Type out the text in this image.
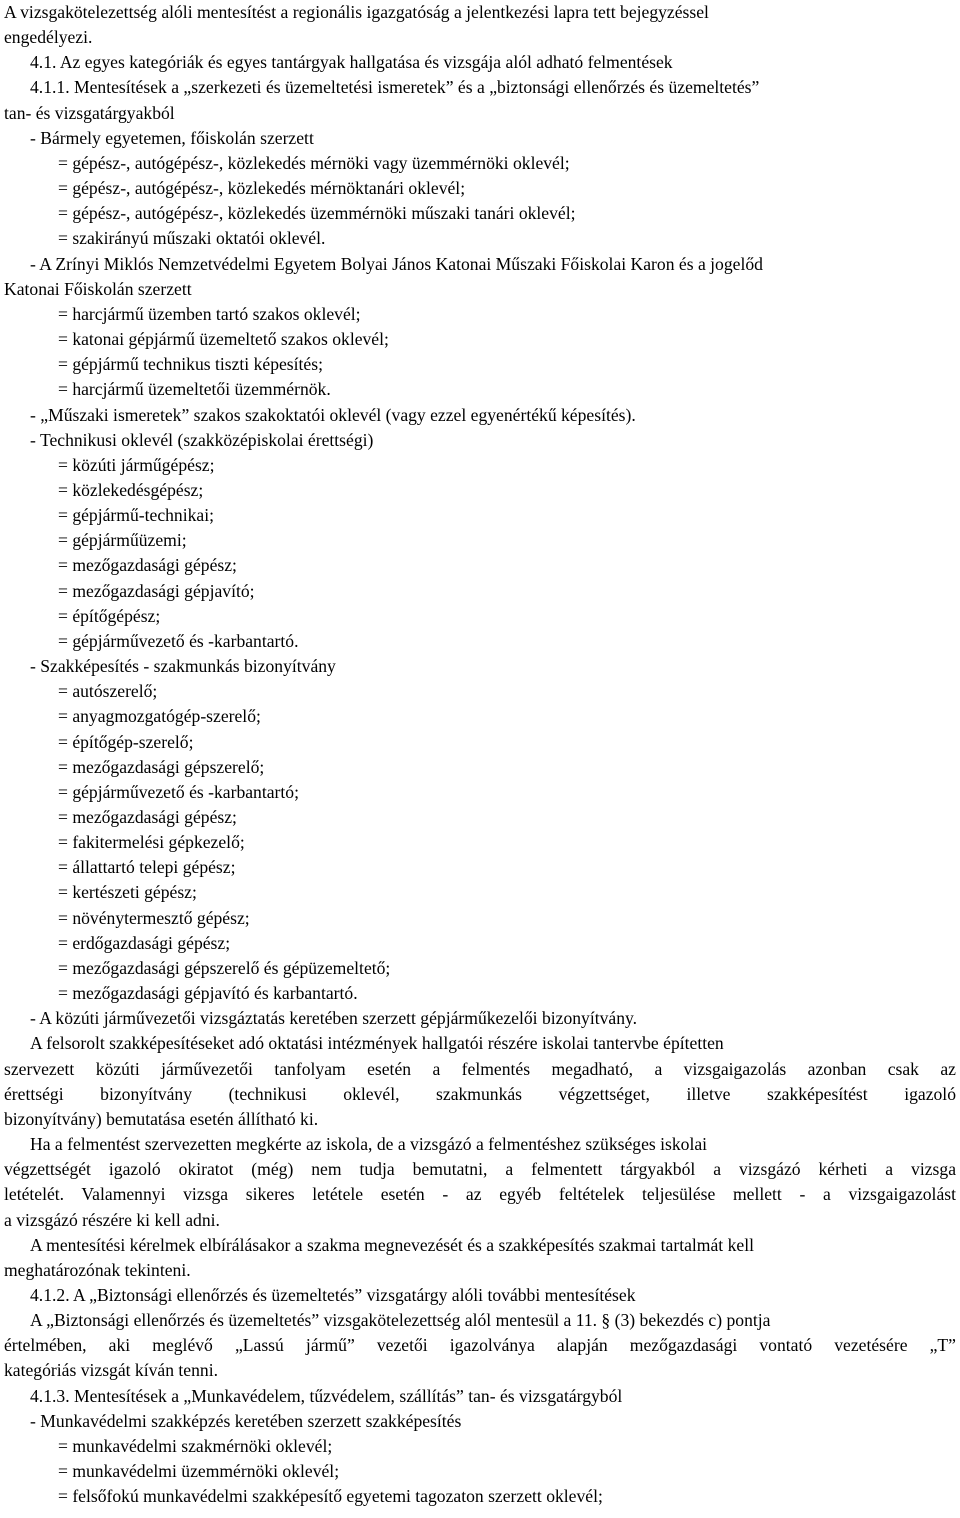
A vizsgakötelezettség alóli mentesítést a regionális igazgatóság a jelentkezési lapra tett bejegyzéssel
engedélyezi.
4.1. Az egyes kategóriák és egyes tantárgyak hallgatása és vizsgája alól adható felmentések
4.1.1. Mentesítések a „szerkezeti és üzemeltetési ismeretek” és a „biztonsági ellenőrzés és üzemeltetés”
tan- és vizsgatárgyakból
- Bármely egyetemen, főiskolán szerzett
= gépész-, autógépész-, közlekedés mérnöki vagy üzemmérnöki oklevél;
= gépész-, autógépész-, közlekedés mérnöktanári oklevél;
= gépész-, autógépész-, közlekedés üzemmérnöki műszaki tanári oklevél;
= szakirányú műszaki oktatói oklevél.
- A Zrínyi Miklós Nemzetvédelmi Egyetem Bolyai János Katonai Műszaki Főiskolai Karon és a jogelőd
Katonai Főiskolán szerzett
= harcjármű üzemben tartó szakos oklevél;
= katonai gépjármű üzemeltető szakos oklevél;
= gépjármű technikus tiszti képesítés;
= harcjármű üzemeltetői üzemmérnök.
- „Műszaki ismeretek” szakos szakoktatói oklevél (vagy ezzel egyenértékű képesítés).
- Technikusi oklevél (szakközépiskolai érettségi)
= közúti járműgépész;
= közlekedésgépész;
= gépjármű-technikai;
= gépjárműüzemi;
= mezőgazdasági gépész;
= mezőgazdasági gépjavító;
= építőgépész;
= gépjárművezető és -karbantartó.
- Szakképesítés - szakmunkás bizonyítvány
= autószerelő;
= anyagmozgatógép-szerelő;
= építőgép-szerelő;
= mezőgazdasági gépszerelő;
= gépjárművezető és -karbantartó;
= mezőgazdasági gépész;
= fakitermelési gépkezelő;
= állattartó telepi gépész;
= kertészeti gépész;
= növénytermesztő gépész;
= erdőgazdasági gépész;
= mezőgazdasági gépszerelő és gépüzemeltető;
= mezőgazdasági gépjavító és karbantartó.
- A közúti járművezetői vizsgáztatás keretében szerzett gépjárműkezelői bizonyítvány.
A felsorolt szakképesítéseket adó oktatási intézmények hallgatói részére iskolai tantervbe építetten
szervezett közúti járművezetői tanfolyam esetén a felmentés megadható, a vizsgaigazolás azonban csak az
érettségi bizonyítvány (technikusi oklevél, szakmunkás végzettséget, illetve szakképesítést igazoló
bizonyítvány) bemutatása esetén állítható ki.
Ha a felmentést szervezetten megkérte az iskola, de a vizsgázó a felmentéshez szükséges iskolai
végzettségét igazoló okiratot (még) nem tudja bemutatni, a felmentett tárgyakból a vizsgázó kérheti a vizsga
letételét. Valamennyi vizsga sikeres letétele esetén - az egyéb feltételek teljesülése mellett - a vizsgaigazolást
a vizsgázó részére ki kell adni.
A mentesítési kérelmek elbírálásakor a szakma megnevezését és a szakképesítés szakmai tartalmát kell
meghatározónak tekinteni.
4.1.2. A „Biztonsági ellenőrzés és üzemeltetés” vizsgatárgy alóli további mentesítések
A „Biztonsági ellenőrzés és üzemeltetés” vizsgakötelezettség alól mentesül a 11. § (3) bekezdés c) pontja
értelmében, aki meglévő „Lassú jármű” vezetői igazolványa alapján mezőgazdasági vontató vezetésére „T”
kategóriás vizsgát kíván tenni.
4.1.3. Mentesítések a „Munkavédelem, tűzvédelem, szállítás” tan- és vizsgatárgyból
- Munkavédelmi szakképzés keretében szerzett szakképesítés
= munkavédelmi szakmérnöki oklevél;
= munkavédelmi üzemmérnöki oklevél;
= felsőfokú munkavédelmi szakképesítő egyetemi tagozaton szerzett oklevél;
